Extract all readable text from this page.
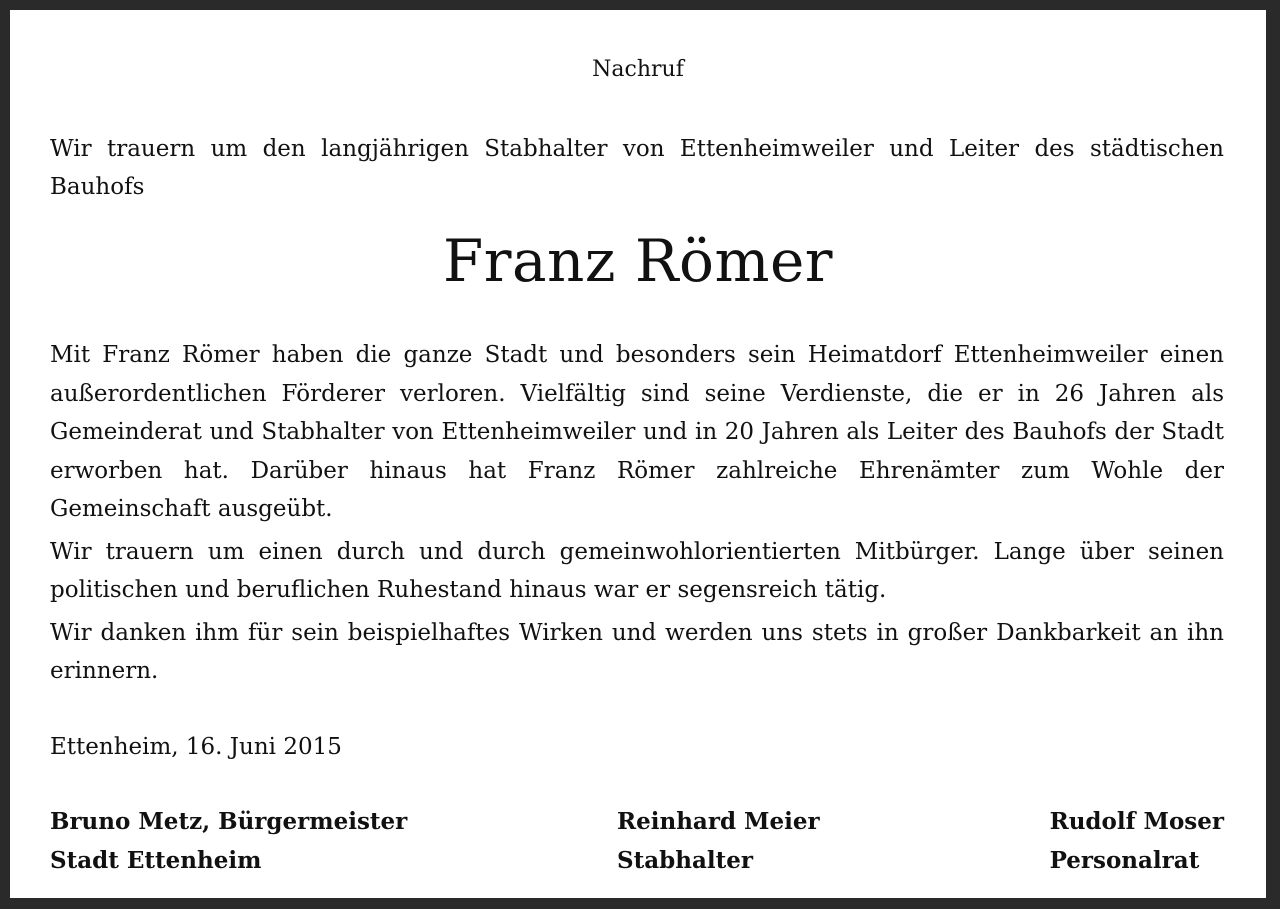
Nachruf
Wir trauern um den langjährigen Stabhalter von Ettenheimweiler und Leiter des städtischen Bauhofs
Franz Römer

Mit Franz Römer haben die ganze Stadt und besonders sein Heimatdorf Ettenheimweiler einen außerordentlichen Förderer verloren. Vielfältig sind seine Verdienste, die er in 26 Jahren als Gemeinderat und Stabhalter von Ettenheimweiler und in 20 Jahren als Leiter des Bauhofs der Stadt erworben hat. Darüber hinaus hat Franz Römer zahlreiche Ehrenämter zum Wohle der Gemeinschaft ausgeübt.

Wir trauern um einen durch und durch gemeinwohlorientierten Mitbürger. Lange über seinen politischen und beruflichen Ruhestand hinaus war er segensreich tätig.

Wir danken ihm für sein beispielhaftes Wirken und werden uns stets in großer Dankbarkeit an ihn erinnern.

Ettenheim, 16. Juni 2015
Bruno Metz, Bürgermeister
Stadt Ettenheim
Reinhard Meier
Stabhalter
Rudolf Moser
Personalrat
